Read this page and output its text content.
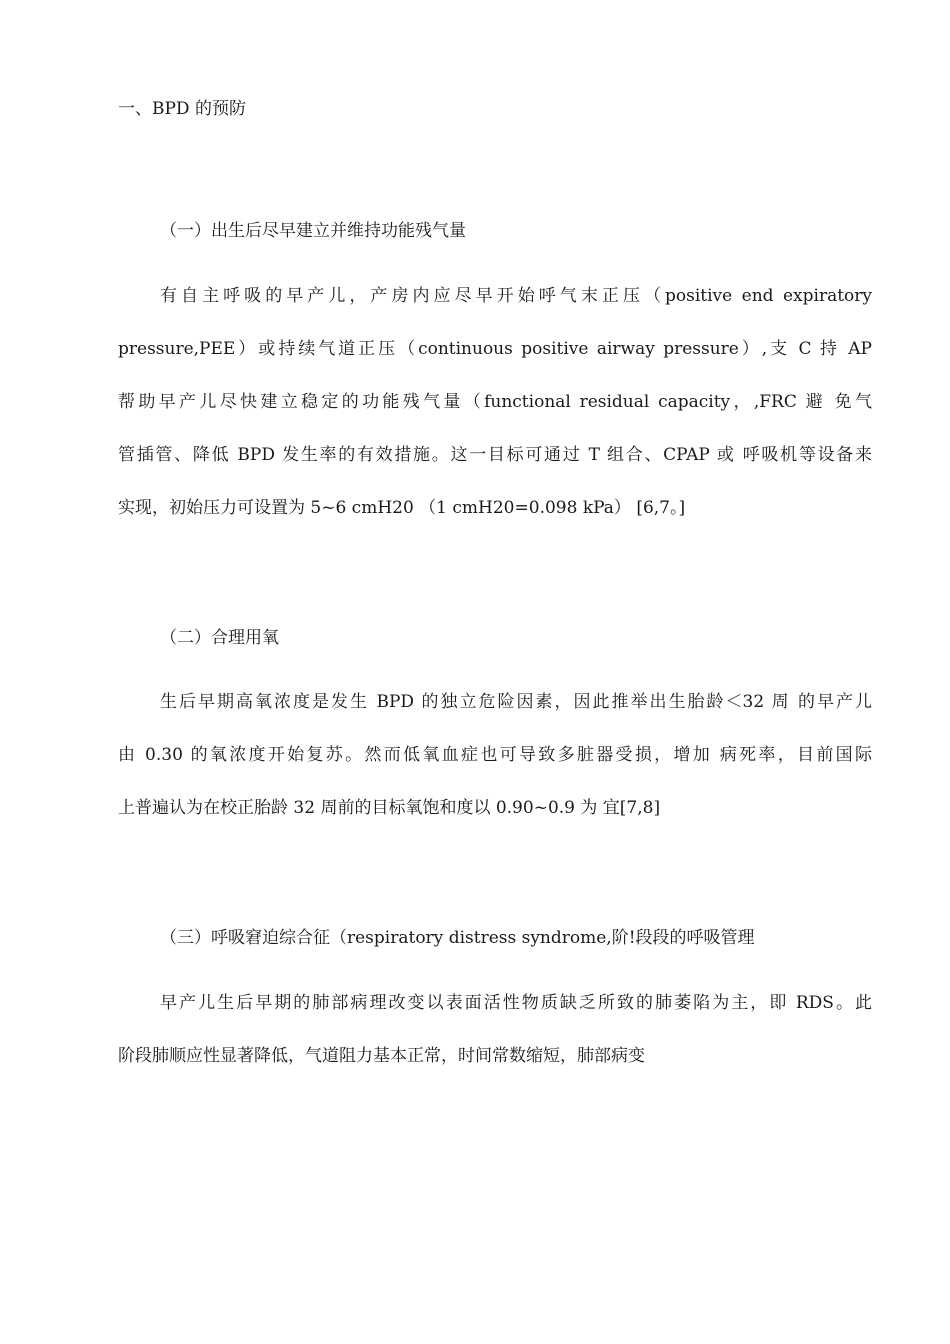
一、BPD 的预防
（一）出生后尽早建立并维持功能残气量
有自主呼吸的早产儿，产房内应尽早开始呼气末正压（positive end expiratory
pressure,PEE）或持续气道正压（continuous positive airway pressure）,支 C 持 AP
帮助早产儿尽快建立稳定的功能残气量（functional residual capacity，,FRC 避 免气
管插管、降低 BPD 发生率的有效措施。这一目标可通过 T 组合、CPAP 或 呼吸机等设备来
实现，初始压力可设置为 5~6 cmH20 （1 cmH20=0.098 kPa） [6,7。]
（二）合理用氧
生后早期高氧浓度是发生 BPD 的独立危险因素，因此推举出生胎龄＜32 周 的早产儿
由 0.30 的氧浓度开始复苏。然而低氧血症也可导致多脏器受损，增加 病死率，目前国际
上普遍认为在校正胎龄 32 周前的目标氧饱和度以 0.90~0.9 为 宜[7,8]
（三）呼吸窘迫综合征（respiratory distress syndrome,阶!段段的呼吸管理
早产儿生后早期的肺部病理改变以表面活性物质缺乏所致的肺萎陷为主，即 RDS。此
阶段肺顺应性显著降低，气道阻力基本正常，时间常数缩短，肺部病变
